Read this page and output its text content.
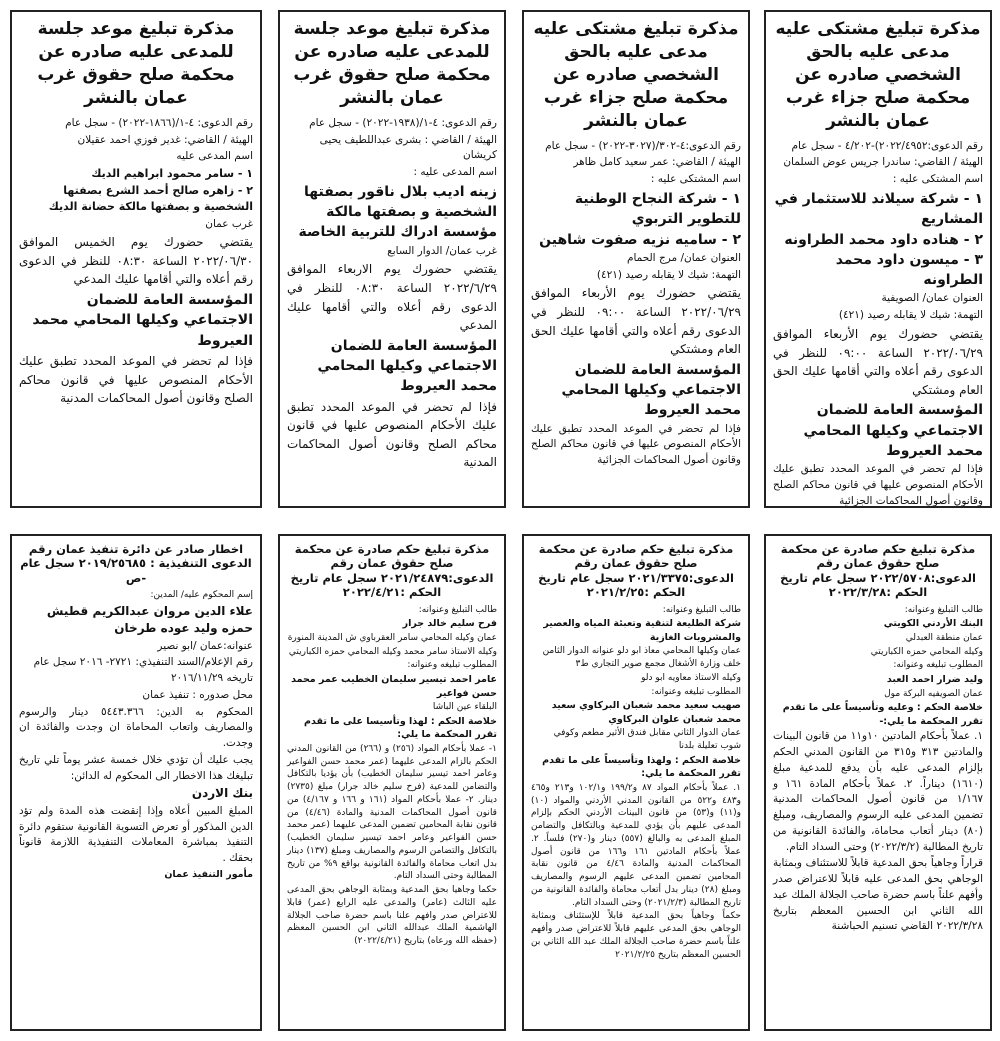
مذكرة تبليغ مشتكى عليه مدعى عليه بالحق الشخصي صادره عن محكمة صلح جزاء غرب عمان بالنشر

رقم الدعوى:٢٠٢٢/٤٩٥٢)-٤/٢٠٢ - سجل عام

الهيئة / القاضي: ساندرا جريس عوض السلمان

اسم المشتكى عليه :

١ - شركة سيلاند للاستثمار في المشاريع
٢ - هناده داود محمد الطراونه
٣ - ميسون داود محمد الطراونه

العنوان عمان/ الصويفية

التهمة: شيك لا يقابله رصيد (٤٢١)

يقتضي حضورك يوم الأربعاء الموافق ٢٠٢٢/٠٦/٢٩ الساعة ٠٩:٠٠ للنظر في الدعوى رقم أعلاه والتي أقامها عليك الحق العام ومشتكي

المؤسسة العامة للضمان الاجتماعي وكيلها المحامي محمد العيروط

فإذا لم تحضر في الموعد المحدد تطبق عليك الأحكام المنصوص عليها في قانون محاكم الصلح وقانون أصول المحاكمات الجزائية

مذكرة تبليغ مشتكى عليه مدعى عليه بالحق الشخصي صادره عن محكمة صلح جزاء غرب عمان بالنشر

رقم الدعوى:٤-٣٠٢/(٣٠٢٧-٢٠٢٢) - سجل عام

الهيئة / القاضي: عمر سعيد كامل ظاهر

اسم المشتكى عليه :

١ - شركة النجاح الوطنية للتطوير التربوي
٢ - ساميه نزيه صفوت شاهين

العنوان عمان/ مرج الحمام

التهمة: شيك لا يقابله رصيد (٤٢١)

يقتضي حضورك يوم الأربعاء الموافق ٢٠٢٢/٠٦/٢٩ الساعة ٠٩:٠٠ للنظر في الدعوى رقم أعلاه والتي أقامها عليك الحق العام ومشتكي

المؤسسة العامة للضمان الاجتماعي وكيلها المحامي محمد العيروط

فإذا لم تحضر في الموعد المحدد تطبق عليك الأحكام المنصوص عليها في قانون محاكم الصلح وقانون أصول المحاكمات الجزائية

مذكرة تبليغ موعد جلسة للمدعى عليه صادره عن محكمة صلح حقوق غرب عمان بالنشر

رقم الدعوى: ٤-١/(١٩٣٨-٢٠٢٢) - سجل عام

الهيئة / القاضي : بشرى عبداللطيف يحيى كريشان

اسم المدعى عليه :

زينه اديب بلال ناقور بصفتها الشخصية و بصفتها مالكة مؤسسة ادراك للتربية الخاصة

غرب عمان/ الدوار السابع

يقتضي حضورك يوم الاربعاء الموافق ٢٠٢٢/٦/٢٩ الساعة ٠٨:٣٠ للنظر في الدعوى رقم أعلاه والتي أقامها عليك المدعي

المؤسسة العامة للضمان الاجتماعي وكيلها المحامي محمد العيروط

فإذا لم تحضر في الموعد المحدد تطبق عليك الأحكام المنصوص عليها في قانون محاكم الصلح وقانون أصول المحاكمات المدنية

مذكرة تبليغ موعد جلسة للمدعى عليه صادره عن محكمة صلح حقوق غرب عمان بالنشر

رقم الدعوى: ٤-١/(١٨٦٦-٢٠٢٢) - سجل عام

الهيئة / القاضي: غدير فوزي احمد عقيلان

اسم المدعى عليه

١ - سامر محمود ابراهيم الديك
٢ - زاهره صالح أحمد الشرع بصفتها الشخصية و بصفتها مالكة حضانة الديك

غرب عمان

يقتضي حضورك يوم الخميس الموافق ٢٠٢٢/٠٦/٣٠ الساعة ٠٨:٣٠ للنظر في الدعوى رقم أعلاه والتي أقامها عليك المدعي

المؤسسة العامة للضمان الاجتماعي وكيلها المحامي محمد العيروط

فإذا لم تحضر في الموعد المحدد تطبق عليك الأحكام المنصوص عليها في قانون محاكم الصلح وقانون أصول المحاكمات المدنية

مذكرة تبليغ حكم صادرة عن محكمة صلح حقوق عمان رقم الدعوى:٢٠٢٢/٥٧٠٨ سجل عام تاريخ الحكم :٢٠٢٢/٣/٢٨

طالب التبليغ وعنوانه:

البنك الأردني الكويتي

عمان منطقة العبدلي

وكيله المحامي حمزه الكباريتي

المطلوب تبليغه وعنوانه:

وليد ضرار احمد العبد

عمان الصويفيه البركة مول

خلاصة الحكم : وعليه وتأسيساً على ما تقدم تقرر المحكمة ما يلي:-

١. عملاً بأحكام المادتين ١٠و١١ من قانون البينات والمادتين ٣١٣ و٣١٥ من القانون المدني الحكم بإلزام المدعى عليه بأن يدفع للمدعية مبلغ (١٦١٠) ديناراً. ٢. عملاً بأحكام المادة ١٦١ و ١/١٦٧ من قانون أصول المحاكمات المدنية تضمين المدعى عليه الرسوم والمصاريف، ومبلغ (٨٠) دينار أتعاب محاماة، والفائدة القانونية من تاريخ المطالبة (٢٠٢٢/٣/٢) وحتى السداد التام.

قراراً وجاهياً بحق المدعية قابلاً للاستئناف وبمثابة الوجاهي بحق المدعى عليه قابلاً للاعتراض صدر وأفهم علناً باسم حضرة صاحب الجلالة الملك عبد الله الثاني ابن الحسين المعظم بتاريخ ٢٠٢٢/٣/٢٨ القاضي تسنيم الحباشنة

مذكرة تبليغ حكم صادرة عن محكمة صلح حقوق عمان رقم الدعوى:٢٠٢١/٣٣٧٥ سجل عام تاريخ الحكم :٢٠٢١/٢/٢٥

طالب التبليغ وعنوانه:

شركة الطليعة لتنقية وتعبئة المياه والعصير والمشروبات الغازية

عمان وكيلها المحامي معاذ ابو دلو عنوانه الدوار الثامن خلف وزارة الأشغال مجمع صوير التجاري ط٣

وكيله الاستاذ معاويه ابو دلو

المطلوب تبليغه وعنوانه:

صهيب سعيد محمد شعبان البركاوي سعيد محمد شعبان علوان البركاوي

عمان الدوار الثاني مقابل فندق الأثير مطعم وكوفي شوب تعليلة بلدنا

خلاصة الحكم : ولهذا وتأسيساً على ما تقدم تقرر المحكمة ما يلي:

١. عملاً بأحكام المواد ٨٧ و١٩٩/٢ و١٠٢/١ و٢١٣ و٤٦٥ و٤٨٣ و٥٢٢ من القانون المدني الأردني والمواد (١٠) و(١١) و(٥٣) من قانون البينات الأردني الحكم بإلزام المدعى عليهم بأن يؤدي للمدعية وبالتكافل والتضامن المبلغ المدعى به والبالغ (٥٥٧) دينار و(٢٧٠) فلساً. ٢. عملاً بأحكام المادتين ١٦١ و١٦٦ من قانون أصول المحاكمات المدنية والمادة ٤/٤٦ من قانون نقابة المحامين تضمين المدعى عليهم الرسوم والمصاريف ومبلغ (٢٨) دينار بدل أتعاب محاماة والفائدة القانونية من تاريخ المطالبة (٢٠٢١/٢/٣) وحتى السداد التام.

حكماً وجاهياً بحق المدعية قابلاً للإستئناف وبمثابة الوجاهي بحق المدعى عليهم قابلاً للاعتراض صدر وأفهم علناً باسم حضرة صاحب الجلالة الملك عبد الله الثاني بن الحسين المعظم بتاريخ ٢٠٢١/٢/٢٥

مذكرة تبليغ حكم صادرة عن محكمة صلح حقوق عمان رقم الدعوى:٢٠٢١/٢٤٨٧٩ سجل عام تاريخ الحكم :٢٠٢٢/٤/٢١

طالب التبليغ وعنوانه:

فرح سليم خالد جرار

عمان وكيله المحامي سامر العقرباوي ش المدينة المنورة

وكيله الاستاذ سامر محمد وكيله المحامي حمزه الكباريتي

المطلوب تبليغه وعنوانه:

عامر احمد تيسير سليمان الخطيب عمر محمد حسن فواعير

البلقاء عين الباشا

خلاصة الحكم : لهذا وتأسيسا على ما تقدم تقرر المحكمة ما يلي:

١- عملا بأحكام المواد (٢٥٦) و (٢٦٦) من القانون المدني الحكم بالزام المدعى عليهما (عمر محمد حسن الفواعير وعامر احمد تيسير سليمان الخطيب) بأن يؤديا بالتكافل والتضامن للمدعية (فرح سليم خالد جرار) مبلغ (٢٧٣٥) دينار. ٢- عملا بأحكام المواد (١٦١ و ١٦٦ و ٤/١٦٧) من قانون أصول المحاكمات المدنية والمادة (٤/٤٦) من قانون نقابة المحامين تضمين المدعى عليهما (عمر محمد حسن الفواعير وعامر احمد تيسير سليمان الخطيب) بالتكافل والتضامن الرسوم والمصاريف ومبلغ (١٣٧) دينار بدل اتعاب محاماة والفائدة القانونية بواقع ٩% من تاريخ المطالبة وحتى السداد التام.

حكما وجاهيا بحق المدعية وبمثابة الوجاهي بحق المدعى عليه الثالث (عامر) والمدعى عليه الرابع (عمر) قابلا للاعتراض صدر وافهم علنا باسم حضرة صاحب الجلالة الهاشمية الملك عبدالله الثاني ابن الحسين المعظم (حفظه الله ورعاه) بتاريخ (٢٠٢٢/٤/٢١)

اخطار صادر عن دائرة تنفيذ عمان رقم الدعوى التنفيذية : ٢٠١٩/٢٥٦٨٥ سجل عام -ص

إسم المحكوم عليه/ المدين:

علاء الدين مروان عبدالكريم قطيش حمزه وليد عوده طرخان

عنوانه:عمان /ابو نصير

رقم الإعلام/السند التنفيذي: ٢٧٢١- ٢٠١٦ سجل عام تاريخه ٢٠١٦/١١/٢٩

محل صدوره : تنفيذ عمان

المحكوم به الدين: ٥٤٤٣.٣٦٦ دينار والرسوم والمصاريف واتعاب المحاماة ان وجدت والفائدة ان وجدت.

يجب عليك أن تؤدي خلال خمسة عشر يوماً تلي تاريخ تبليغك هذا الاخطار الى المحكوم له الدائن:

بنك الاردن

المبلغ المبين أعلاه وإذا إنقضت هذه المدة ولم تؤد الدين المذكور أو تعرض التسوية القانونية ستقوم دائرة التنفيذ بمباشرة المعاملات التنفيذية اللازمة قانوناً بحقك .

مأمور التنفيذ عمان
